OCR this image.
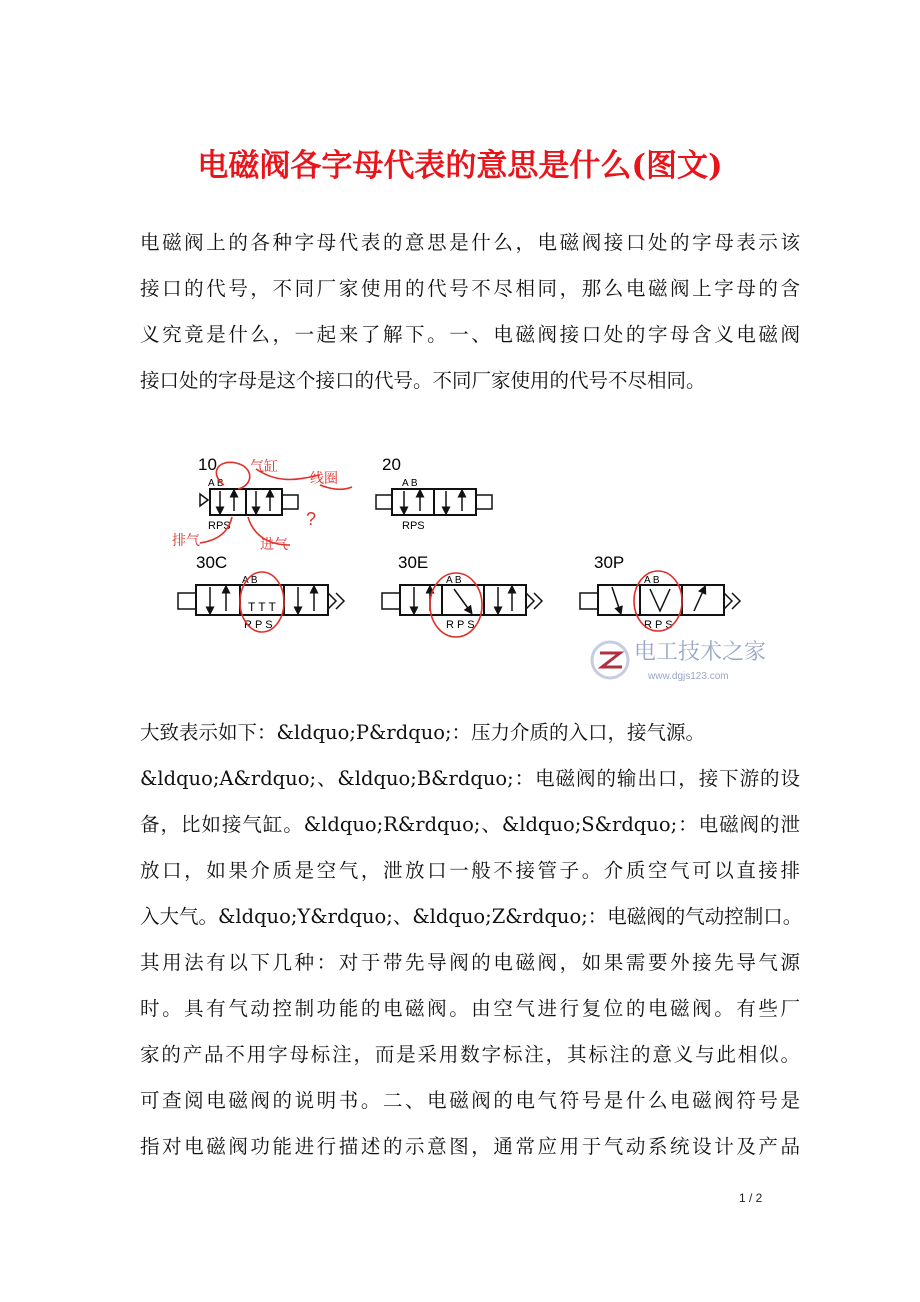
电磁阀各字母代表的意思是什么(图文)
电磁阀上的各种字母代表的意思是什么，电磁阀接口处的字母表示该
接口的代号，不同厂家使用的代号不尽相同，那么电磁阀上字母的含
义究竟是什么，一起来了解下。一、电磁阀接口处的字母含义电磁阀
接口处的字母是这个接口的代号。不同厂家使用的代号不尽相同。
10
A B
RPS
20
A B
RPS
30C
A B
T T T
R P S
30E
A B
R P S
30P
A B
R P S
气缸
线圈
?
排气	进气
电工技术之家
www.dgjs123.com
大致表示如下：&ldquo;P&rdquo;：压力介质的入口，接气源。
&ldquo;A&rdquo;、&ldquo;B&rdquo;：电磁阀的输出口，接下游的设
备，比如接气缸。&ldquo;R&rdquo;、&ldquo;S&rdquo;：电磁阀的泄
放口，如果介质是空气，泄放口一般不接管子。介质空气可以直接排
入大气。&ldquo;Y&rdquo;、&ldquo;Z&rdquo;：电磁阀的气动控制口。
其用法有以下几种：对于带先导阀的电磁阀，如果需要外接先导气源
时。具有气动控制功能的电磁阀。由空气进行复位的电磁阀。有些厂
家的产品不用字母标注，而是采用数字标注，其标注的意义与此相似。
可查阅电磁阀的说明书。二、电磁阀的电气符号是什么电磁阀符号是
指对电磁阀功能进行描述的示意图，通常应用于气动系统设计及产品
1 / 2
